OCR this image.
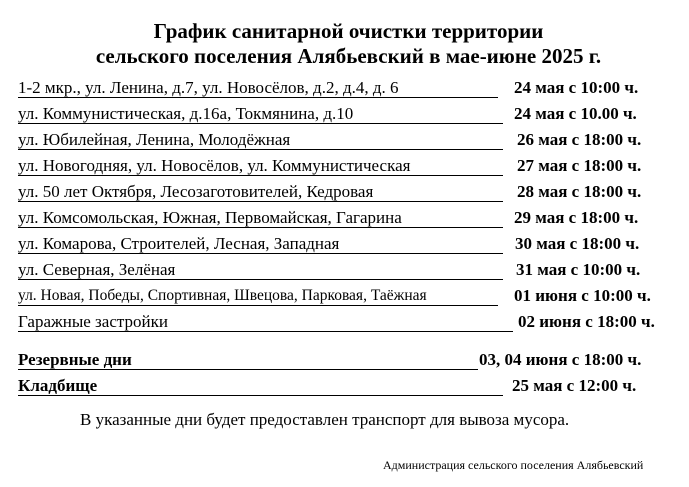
График санитарной очистки территории
сельского поселения Алябьевский в мае-июне 2025 г.
1-2 мкр., ул. Ленина, д.7, ул. Новосёлов, д.2, д.4, д. 6	24 мая с 10:00 ч.
ул. Коммунистическая, д.16а, Токмянина, д.10	24 мая с 10.00 ч.
ул. Юбилейная, Ленина, Молодёжная	26 мая с 18:00 ч.
ул. Новогодняя, ул. Новосёлов, ул. Коммунистическая	27 мая с 18:00 ч.
ул. 50 лет Октября, Лесозаготовителей, Кедровая	28 мая с 18:00 ч.
ул. Комсомольская, Южная, Первомайская, Гагарина	29 мая с 18:00 ч.
ул. Комарова, Строителей, Лесная, Западная	30 мая с 18:00 ч.
ул. Северная, Зелёная	31 мая с 10:00 ч.
ул. Новая, Победы, Спортивная, Швецова, Парковая, Таёжная	01 июня с 10:00 ч.
Гаражные застройки	02 июня с 18:00 ч.
Резервные дни	03, 04 июня с 18:00 ч.
Кладбище	25 мая с 12:00 ч.
В указанные дни будет предоставлен транспорт для вывоза мусора.
Администрация сельского поселения Алябьевский
